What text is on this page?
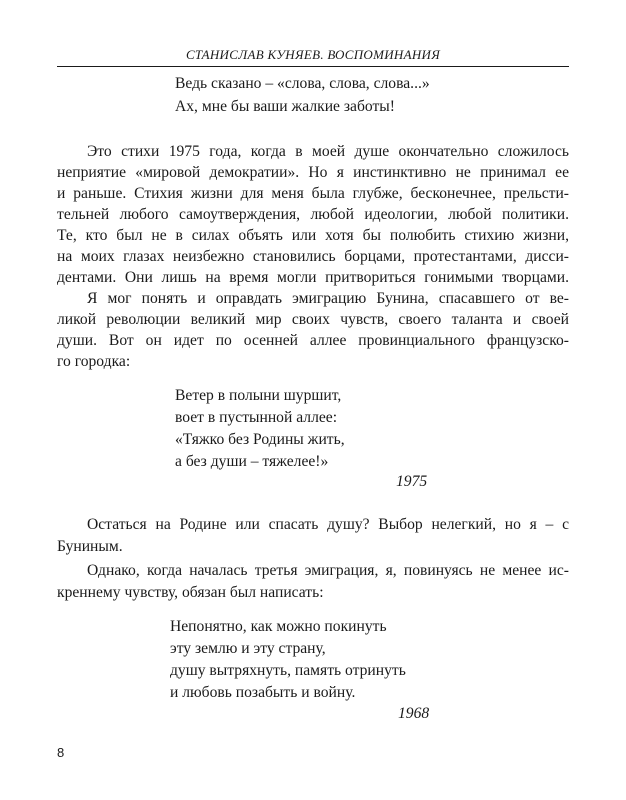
СТАНИСЛАВ КУНЯЕВ. ВОСПОМИНАНИЯ
Ведь сказано – «слова, слова, слова...»
Ах, мне бы ваши жалкие заботы!
Это стихи 1975 года, когда в моей душе окончательно сложилось
неприятие «мировой демократии». Но я инстинктивно не принимал ее
и раньше. Стихия жизни для меня была глубже, бесконечнее, прельсти-
тельней любого самоутверждения, любой идеологии, любой политики.
Те, кто был не в силах объять или хотя бы полюбить стихию жизни,
на моих глазах неизбежно становились борцами, протестантами, дисси-
дентами. Они лишь на время могли притвориться гонимыми творцами.
Я мог понять и оправдать эмиграцию Бунина, спасавшего от ве-
ликой революции великий мир своих чувств, своего таланта и своей
души. Вот он идет по осенней аллее провинциального французско-
го городка:
Ветер в полыни шуршит,
воет в пустынной аллее:
«Тяжко без Родины жить,
а без души – тяжелее!»
1975
Остаться на Родине или спасать душу? Выбор нелегкий, но я – с
Буниным.
Однако, когда началась третья эмиграция, я, повинуясь не менее ис-
креннему чувству, обязан был написать:
Непонятно, как можно покинуть
эту землю и эту страну,
душу вытряхнуть, память отринуть
и любовь позабыть и войну.
1968
8
